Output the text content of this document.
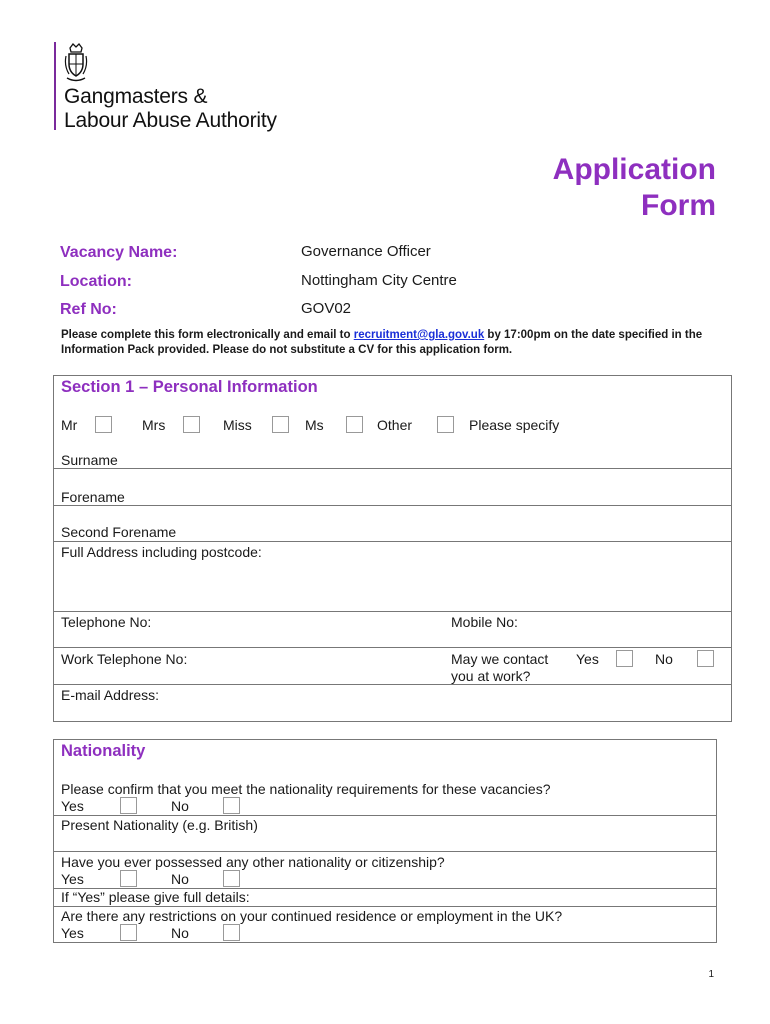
Gangmasters &
Labour Abuse Authority
Application
Form
Vacancy Name:	Governance Officer
Location:	Nottingham City Centre
Ref No:	GOV02
Please complete this form electronically and email to recruitment@gla.gov.uk by 17:00pm on the date specified in the Information Pack provided. Please do not substitute a CV for this application form.
Section 1 – Personal Information
Mr	Mrs	Miss	Ms	Other	Please specify
Surname
Forename
Second Forename
Full Address including postcode:
Telephone No:	Mobile No:
Work Telephone No:	May we contact
you at work?
Yes	No
E-mail Address:
Nationality
Please confirm that you meet the nationality requirements for these vacancies?
Yes	No
Present Nationality (e.g. British)
Have you ever possessed any other nationality or citizenship?
Yes	No
If “Yes” please give full details:
Are there any restrictions on your continued residence or employment in the UK?
Yes	No
1
